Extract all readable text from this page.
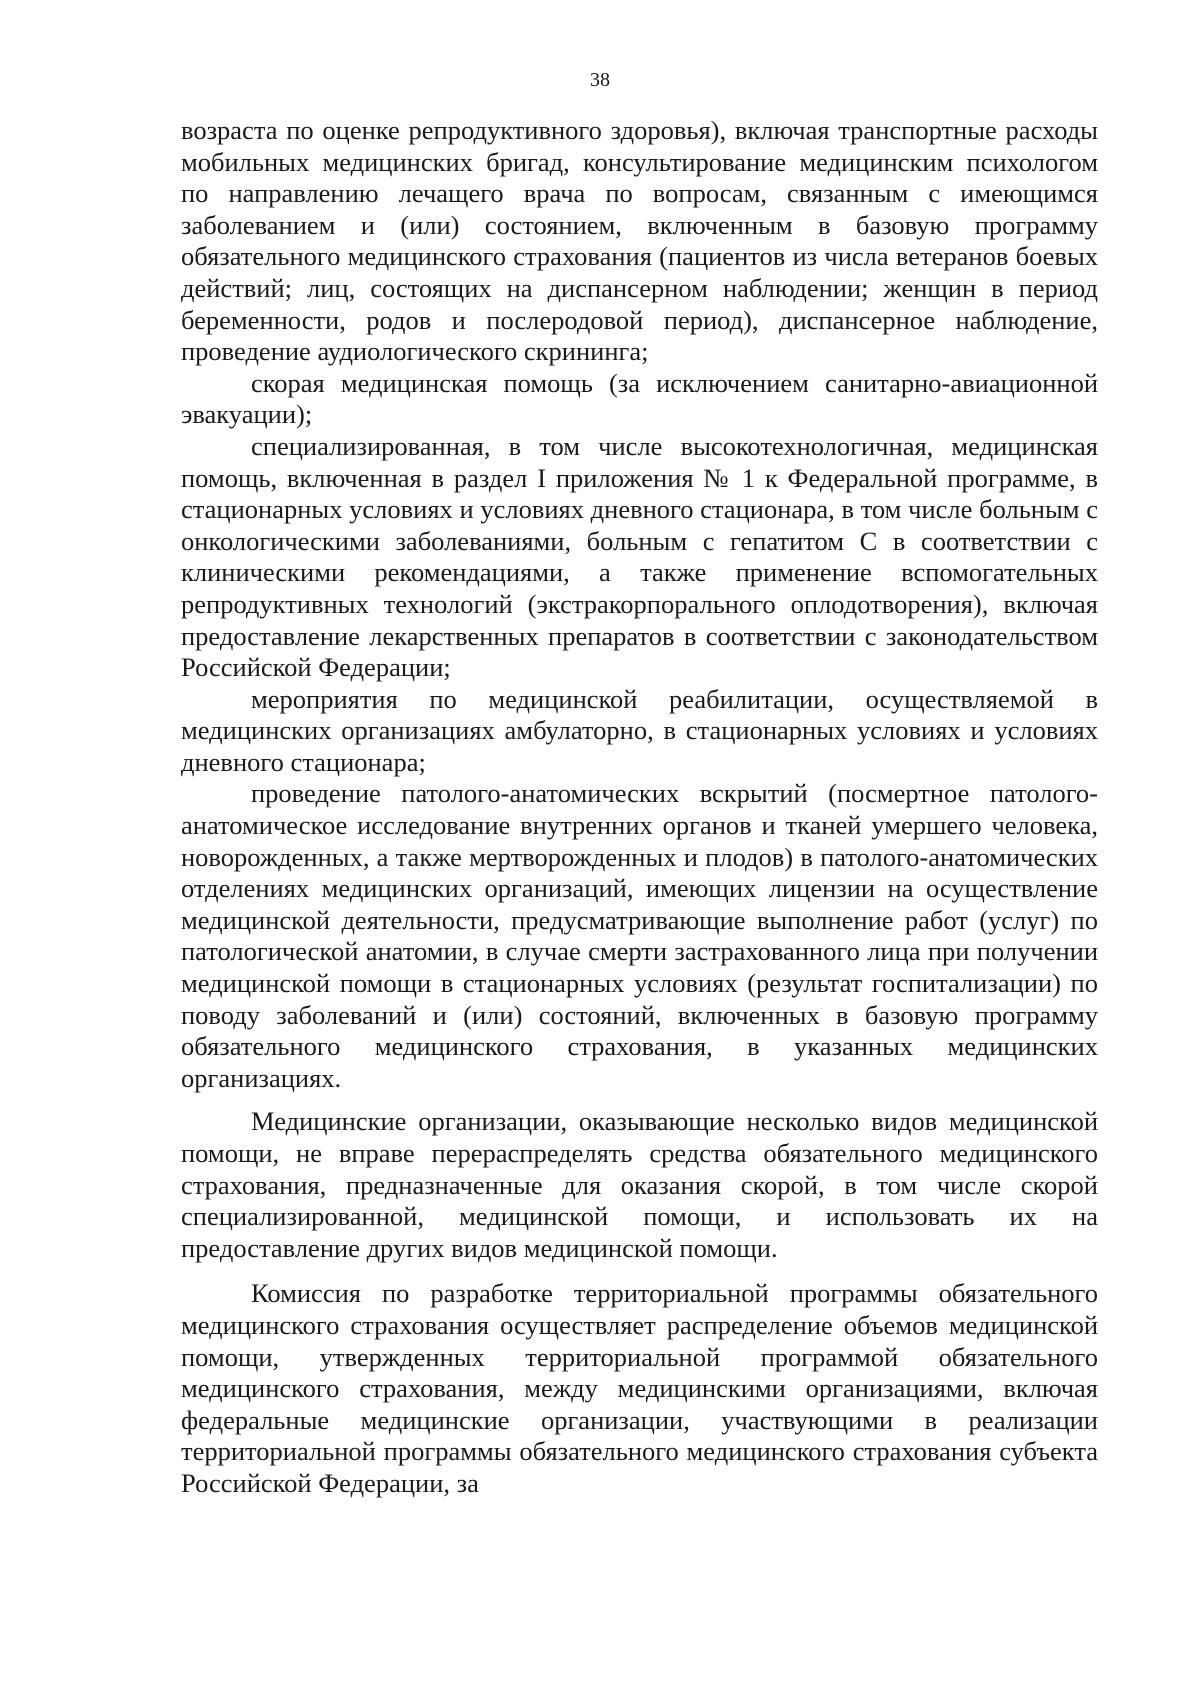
38

возраста по оценке репродуктивного здоровья), включая транспортные расходы мобильных медицинских бригад, консультирование медицинским психологом по направлению лечащего врача по вопросам, связанным с имеющимся заболеванием и (или) состоянием, включенным в базовую программу обязательного медицинского страхования (пациентов из числа ветеранов боевых действий; лиц, состоящих на диспансерном наблюдении; женщин в период беременности, родов и послеродовой период), диспансерное наблюдение, проведение аудиологического скрининга;

скорая медицинская помощь (за исключением санитарно-авиационной эвакуации);

специализированная, в том числе высокотехнологичная, медицинская помощь, включенная в раздел I приложения № 1 к Федеральной программе, в стационарных условиях и условиях дневного стационара, в том числе больным с онкологическими заболеваниями, больным с гепатитом С в соответствии с клиническими рекомендациями, а также применение вспомогательных репродуктивных технологий (экстракорпорального оплодотворения), включая предоставление лекарственных препаратов в соответствии с законодательством Российской Федерации;

мероприятия по медицинской реабилитации, осуществляемой в медицинских организациях амбулаторно, в стационарных условиях и условиях дневного стационара;

проведение патолого-анатомических вскрытий (посмертное патолого-анатомическое исследование внутренних органов и тканей умершего человека, новорожденных, а также мертворожденных и плодов) в патолого-анатомических отделениях медицинских организаций, имеющих лицензии на осуществление медицинской деятельности, предусматривающие выполнение работ (услуг) по патологической анатомии, в случае смерти застрахованного лица при получении медицинской помощи в стационарных условиях (результат госпитализации) по поводу заболеваний и (или) состояний, включенных в базовую программу обязательного медицинского страхования, в указанных медицинских организациях.

Медицинские организации, оказывающие несколько видов медицинской помощи, не вправе перераспределять средства обязательного медицинского страхования, предназначенные для оказания скорой, в том числе скорой специализированной, медицинской помощи, и использовать их на предоставление других видов медицинской помощи.

Комиссия по разработке территориальной программы обязательного медицинского страхования осуществляет распределение объемов медицинской помощи, утвержденных территориальной программой обязательного медицинского страхования, между медицинскими организациями, включая федеральные медицинские организации, участвующими в реализации территориальной программы обязательного медицинского страхования субъекта Российской Федерации, за
